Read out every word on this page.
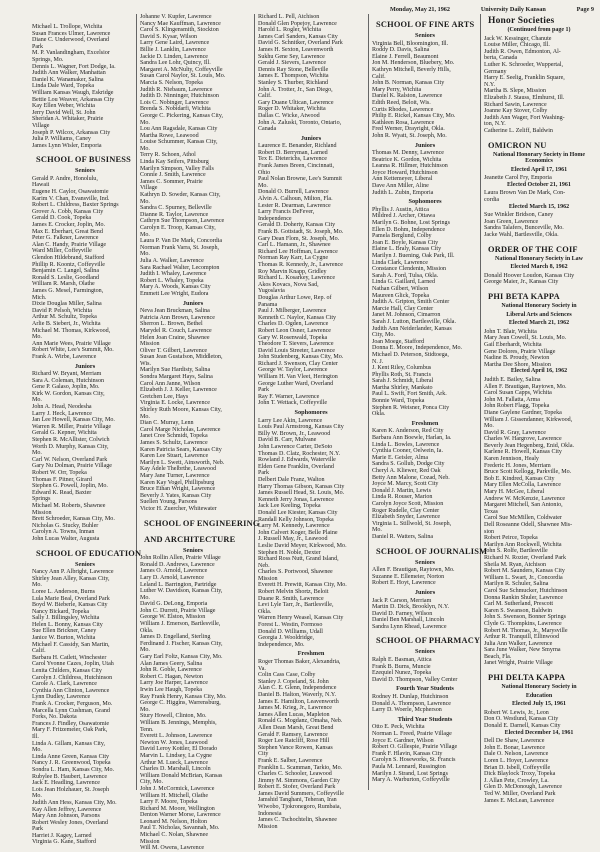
Monday, May 21, 1962	University Daily Kansan	Page 9
Michael L. Trollope, Wichita
Susan Frances Ulmer, Lawrence
Diane C. Underwood, Overland
Park
M. P. Vanlandingham, Excelsior
Springs, Mo.
Dennis L. Wagner, Fort Dodge, Ia.
Judith Ann Walker, Manhattan
Daniel K. Wanamaker, Salina
Linda Dale Ward, Topeka
William Kansas Waugh, Eskridge
Bettie Lou Weaver, Arkansas City
Kay Ellen Weber, Wichita
Jerry David Well, St. John
Sheridan A. Whitaker, Prairie
Village
Joseph P. Wilcox, Arkansas City
Julia P. Williams, Caney
James Lynn Wisler, Emporia
SCHOOL OF BUSINESS
Seniors
Gerald P. Andre, Honolulu,
Hawaii
Eugene H. Caylor, Osawatomie
Karim V. Chan, Evansville, Ind.
Robert L. Childress, Baxter Springs
Grover A. Cobb, Kansas City
Gerald D. Cook, Topeka
James E. Crocker, Joplin, Mo.
Max E. Eberhart, Great Bend
Peter G. Falkner, Lawrence
Alan C. Handy, Prairie Village
Ward Miller, Coffeyville
Glendon Hildebrand, Stafford
Phillip R. Koontz, Coffeyville
Benjamin C. Langel, Salina
Ronald S. Leslie, Goodland
William R. Marsh, Olathe
James G. Mesel, Farmington,
Mich.
Dixie Douglas Miller, Salina
David P. Pelsoh, Wichita
Arthur M. Schultz, Topeka
Arlie B. Siebert, Jr., Wichita
Michael M. Thomas, Kirkwood,
Mo.
Ann Marie Wees, Prairie Village
Robert White, Lee's Summit, Mo.
Frank A. Wirbe, Lawrence
Juniors
Richard W. Bryant, Merriam
Sara A. Coleman, Hutchinson
Gene P. Galaso, Joplin, Mo.
Kirk W. Gordon, Kansas City,
Mo.
John A. Head, Neodesha
Larry J. Heck, Lawrence
Jan Lee Howell, Kansas City, Mo.
Warren R. Miller, Prairie Village
Gerald G. Kepner, Wichita
Stephen R. McAllister, Colwich
Worth D. Murphy, Kansas City,
Mo.
Carl W. Nelson, Overland Park
Gary Nu Dolman, Prairie Village
Robert W. Orr, Topeka
Thomas F. Pitner, Girard
Stephen G. Powell, Joplin, Mo.
Edward K. Read, Baxter
Springs
Michael M. Roberts, Shawnee
Mission
Brett Schroeder, Kansas City, Mo.
Nicholas G. Stucky, Buhler
Carolyn A. Towns, Inman
John Lucas Walter, Augusta
SCHOOL OF EDUCATION
Seniors
Nancy Ann P. Albright, Lawrence
Shirley Jean Alley, Kansas City,
Mo.
Loree L. Anderson, Burns
Lula Marie Beal, Overland Park
Boyd W. Bieberle, Kansas City
Nancy Bickard, Topeka
Sally J. Billingsley, Wichita
Helen L. Bonny, Kansas City
Sue Ellen Brickner, Caney
Janice W. Burton, Wichita
Michael F. Cassidy, San Martin,
Calif.
Barbara H. Catlett, Winchester
Carol Yvonne Cazes, Joplin, Utah
Lenita Childers, Kansas City
Carolyn J. Childress, Hutchinson
Carole A. Clark, Lawrence
Cynthia Ann Clinton, Lawrence
Lynn Dudley, Lawrence
Frank A. Crocker, Ferguson, Mo.
Marcella Lynn Cushman, Grand
Forks, No. Dakota
Frances J. Findley, Osawatomie
Mary F. Fritzemeier, Oak Park,
Ill.
Linda A. Gillam, Kansas City,
Mo.
Linda Anne Green, Kansas City
Nancy J. R. Greenwood, Topeka
Sondra L. Ham, Kansas City, Mo.
Rubylee B. Haubert, Lawrence
Jack E. Headling, Lawrence
Lois Jean Holzhauer, St. Joseph
Mo.
Judith Ann Hess, Kansas City, Mo.
Kay Allen Jeffrey, Lawrence
Mary Ann Johnson, Parsons
Robert Wesley Jones, Overland
Park
Harriet J. Kagey, Larned
Virginia G. Kane, Stafford
Johanne V. Kupfer, Lawrence
Nancy Mae Kauffman, Lawrence
Carol S. Klingensmith, Stockton
David S. Kysar, Wilson
Larry Gene Laird, Lawrence
Billie J. Lanklin, Lawrence
Jackie D. Linden, Lawrence
Sandra Lee Lohr, Quincy, Ill.
Margaret A. McNulty, Coffeyville
Susan Carol Naylor, St. Louis, Mo.
Marcia S. Nelson, Topeka
Judith R. Niebaum, Lawrence
Judith D. Ninninger, Hutchinson
Lois C. Nobinger, Lawrence
Brenda S. Nobidarfi, Wichita
George C. Pickering, Kansas City,
Mo.
Lou Ann Ragsdale, Kansas City
Martha Rowe, Leawood
Louise Schummer, Kansas City,
Mo.
Terry R. Schoen, Athol
Linda Kay Seifers, Pittsburg
Marilyn Simpson, Valley Falls
Connie J. Smith, Lawrence
James C. Sommer, Prairie
Village
Kathryn D. Sowder, Kansas City,
Mo.
Sandra C. Spurney, Belleville
Dianne R. Taylor, Lawrence
Cathryn Sue Thompson, Lawrence
Carolyn E. Troop, Kansas City,
Mo.
Laura P. Van De Mark, Concordia
Norman Frank Varra, St. Joseph,
Mo.
Julia A. Walker, Lawrence
Sara Rachael Walter, Lecompton
Judith I. Whaley, Lawrence
Robert L. Whaley, Topeka
Mary A. Woods, Kansas City
Emmett Lee Wright, Eudora
Juniors
Neva Jean Bruckman, Salina
Patricia Ann Brown, Lawrence
Sherron L. Brown, Bethel
Marydel R. Couch, Lawrence
Helen Joan Craine, Shawnee
Mission
Oliver T. Gilbert, Lawrence
Susan Jean Gustafson, Middleton,
Wis.
Marilyn Sue Hardisty, Salina
Sondra Margaret Hays, Salina
Carol Ann Janne, Wilson
Elizabeth J. J. Keller, Lawrence
Gretchen Lee, Hays
Virginia E. Locke, Lawrence
Shirley Ruth Moore, Kansas City,
Mo.
Dian C. Murray, Lenn
Carol Marge Nicholas, Lawrence
Janet Cree Schmidt, Topeka
James S. Schultz, Lawrence
Karen Patricia Sears, Kansas City
Karen Lee Stuart, Lawrence
Marilyn L. Swett, Ainsworth, Neb.
Kay Adele Thelbrthe, Leawood
Mary Jane Turner, Lawrence
Karen Kay Vogel, Phillipsburg
Bruce Ethan Wright, Lawrence
Beverly J. Yates, Kansas City
Suellen Young, Parsons
Victor H. Zuercher, Whitewater
SCHOOL OF ENGINEERING
AND ARCHITECTURE
Seniors
John Rollin Allen, Prairie Village
Ronald D. Andrews, Lawrence
James O. Arnold, Lawrence
Lary D. Arnold, Lawrence
Leland L. Barrington, Partridge
Luther W. Davidson, Kansas City,
Mo.
David G. DeLong, Emporia
John C. Durrett, Prairie Village
George W. Elston, Mission
William J. Emerson, Bartlesville,
Okla.
James D. Engelland, Sterling
Ferdinand J. Fischer, Kansas City,
Mo.
Gary Earl Foltz, Kansas City, Mo.
Alan James Geery, Salina
John R. Goble, Lawrence
Robert C. Hagan, Newton
Larry Joe Harper, Lawrence
Irwin Lee Haugh, Topeka
Ray Frank Henry, Kansas City, Mo.
George C. Higgins, Warrensburg,
Mo.
Stury Howell, Clinton, Mo.
William B. Jennings, Memphis,
Tenn.
Everett L. Johnson, Lawrence
Newton W. Jones, Leawood
David Leroy Kottler, El Dorado
Marvin L. Lindsey, La Cygne
Arthur M. Lueck, Lawrence
Charles D. Marshall, Lincoln
William Donald McBrian, Kansas
City, Mo.
John J. McCormick, Lawrence
William H. Mitchell, Olathe
Larry F. Moore, Topeka
Richard M. Moore, Wellington
Denton Warner Morse, Lawrence
Leonard M. Nelson, Holton
Paul T. Nicholas, Savannah, Mo.
Michael C. Nolan, Shawnee
Mission
Will M. Owens, Lawrence
Richard L. Pell, Atchison
Donald Glen Popejoy, Lawrence
Harold L. Rogler, Wichita
James Carl Sanders, Kansas City
David G. Schnitker, Overland Park
James H. Sexton, Leavenworth
Sukhu Gene Sey, Lawrence
Gerald J. Sievers, Lawrence
Dennis Ray Stone, Belleville
James E. Thompson, Wichita
Stanley S. Thurber, Richland
John A. Trotter, Jr., San Diego,
Calif.
Gary Duane Ultican, Lawrence
Roger D. Whitaker, Wichita
Dallas C. Wicke, Atwood
John A. Zaluski, Toronto, Ontario,
Canada
Juniors
Laurence E. Benander, Richland
Robert D. Berryman, Larned
Tex E. Dieterichs, Lawrence
Frank James Breen, Cincinnati,
Ohio
Paul Nolan Browne, Lee's Summit
Mo.
Donald O. Burrell, Lawrence
Alvin A. Calhoun, Milton, Fla.
Lester R. Dearman, Lawrence
Larry Francis DeFever,
Independence
Gerald D. Doherty, Kansas City
Frank B. Gottstadt, St. Joseph, Mo.
Gary Dean Flom, St. Joseph, Mo.
Carl L. Hamann, Jr., Shawnee
Richard Lee Hoffman, Lawrence
Norman Ray Karr, La Cygne
Thomas R. Kennedy, Jr., Lawrence
Roy Marvin Knapp, Gridley
Richard L. Kosarkey, Lawrence
Akos Kovacs, Nova Sad,
Yugoslavia
Douglas Arthur Lowe, Rep. of
Panama
Paul J. Milberger, Lawrence
Kenneth C. Naylor, Kansas City
Charles D. Ogden, Lawrence
Robert Leon Osner, Lawrence
Gary W. Rosenwald, Topeka
Theodore T. Sievers, Lawrence
David Louis Streeter, Lawrence
John Studenberg, Kansas City, Mo.
Richard J. Swenson, Clay Center
George W. Taylor, Lawrence
William H. Van Vleet, Herington
George Luther Ward, Overland
Park
Ray F. Warner, Lawrence
John T. Wettack, Coffeyville
Sophomores
Larry Lee Akin, Lawrence
Louis Paul Armstrong, Kansas City
Billy W. Brown, Jr., Leawood
David B. Carr, Mulvane
John Lawrence Carter, DeSoto
Thomas D. Clatz, Rochester, N.Y.
Rowland J. Edwards, Waterville
Elden Gene Franklin, Overland
Park
Delbert Dale Franz, Walton
Harry Thomas Gibson, Kansas City
James Russell Head, St. Louis, Mo.
Kenneth Jerry Jonas, Lawrence
Jack Lee Keeling, Topeka
Donald Lee Kiester, Kansas City
Randall Kelly Johnson, Topeka
Larry M. Kennedy, Lawrence
John Calvert Koger, Belle Plaine
J. Russell May, Jr., Leawood
Leslie David Meyer, Kirkwood, Mo.
Stephen H. Noble, Dexter
Richard Ross Nutt, Grand Island,
Neb.
Charles S. Portwood, Shawnee
Mission
Everett H. Prewitt, Kansas City, Mo.
Robert Melvin Shortz, Beloit
Duane R. Smith, Lawrence
Levi Lyle Tarr, Jr., Bartlesville,
Okla.
Warren Henry Weasel, Kansas City
Forest L. Westin, Formoso
Donald D. Williams, Udall
Georgia J. Wooldridge,
Independence, Mo.
Freshmen
Roger Thomas Baker, Alexandria,
Va.
Colin Cass Case, Colby
Stanley J. Copeland, St. John
Alan C. E. Glenn, Independence
Daniel B. Halton, Waverly, N.Y.
James E. Hamilton, Leavenworth
James M. Krieg, Jr., Lawrence
James Allen Lucas, Mapleton
Ronald G. Mogdanz, Omaha, Neb.
Allen Dean Marsh, Great Bend
Gerald F. Ramsey, Lawrence
Roger Lee Ratcliff, Rose Hill
Stephen Vance Rowen, Kansas
City
Frank E. Salber, Lawrence
Franklin L. Scamman, Tarkio, Mo.
Charles C. Schooler, Leawood
Jimmy M. Simmons, Garden City
Robert E. Stofer, Overland Park
James David Summers, Coffeyville
Jamshid Tanghani, Teheran, Iran
Wiwobo, Tjokronegoro, Rumbaia,
Indonesia
James C. Tschochtelin, Shawnee
Mission
SCHOOL OF FINE ARTS
Seniors
Virginia Bell, Bloomington, Ill.
Roddy D. Davis, Salina
Elaine J. Ferrell, Beaumont
Jon M. Henderson, Bluebery, Mo.
Kathryn Mitchell, Beverly Hills,
Calif.
John B. Norman, Kansas City
Mary Perry, Wichita
Daniel K. Ralston, Lawrence
Edith Reed, Beloit, Wis.
Curtis Rhodes, Lawrence
Philip E. Rickel, Kansas City, Mo.
Kathleen Rosa, Lawrence
Fred Werner, Drayright, Okla.
John R. Wyatt, St. Joseph, Mo.
Juniors
Thomas M. Denny, Lawrence
Beatrice K. Gordon, Wichita
Leanna R. Hillmer, Hutchinson
Joyce Howard, Hutchinson
Ann Kettemeyer, Liberal
Dave Ann Miller, Aline
Judith L. Zubin, Emporia
Sophomores
Phyllis J. Austin, Attica
Mildred J. Archer, Ottawa
Marilyn G. Bohne, Lost Springs
Ellen D. Bohm, Independence
Pamela Berglund, Colby
Joan E. Boyle, Kansas City
Elaine L. Braly, Kansas City
Marilyn J. Buening, Oak Park, Ill.
Linda Clark, Lawrence
Constance Clendenin, Mission
Sarah A. Ford, Tulsa, Okla.
Linda G. Gaillard, Larned
Nathan Gilbert, Wilson
Maureen Glick, Topeka
Judith A. Gripton, Smith Center
Marcie Hall, Clay Center
Janet M. Johnson, Cimarron
Sarah J. Lutton, Bartlesville, Okla.
Judith Ann Neiderlander, Kansas
City, Mo.
Joan Moege, Stafford
Donna E. Moore, Independence, Mo.
Michael D. Peterson, Stidtoega,
N. J.
J. Kent Riley, Columbus
Phyllis Roth, St. Francis
Sarah J. Schmidt, Liberal
Martha Shirley, Mankato
Paul L. Swift, Fort Smith, Ark.
Bonnie Ward, Topeka
Stephen R. Weisner, Ponca City
Okla.
Freshmen
Karen K. Anderson, Red City
Barbara Ann Boewle, Harlan, Ia.
Linda L. Bowles, Lawrence
Cynthia Cooner, Oelwein, Ia.
Marie E. Geisler, Alma
Sandra S. Gollub, Dodge City
Cheryl A. Kliewer, Red Oak
Betty Ann Malone, Cozad, Neb.
Joyce M. Marcy, Scott City
Donald J. Martin, Lewis
Linda R. Rouser, Marion
Carolyn Joyce Scott, Mission
Roger Rudelle, Clay Center
Elizabeth Snyder, Lawrence
Virginia L. Stillwold, St. Joseph,
Mo.
Daniel R. Watters, Salina
SCHOOL OF JOURNALISM
Seniors
Allen F. Brautigan, Raytown, Mo.
Suzanne E. Ellemeier, Norton
Robert E. Hoyt, Lawrence
Juniors
Jack P. Carson, Merriam
Martin D. Dick, Brooklyn, N.Y.
David D. Farney, Wilson
Daniel Ben Marshall, Lincoln
Sandra Lynn Rhead, Lawrence
SCHOOL OF PHARMACY
Seniors
Ralph E. Basman, Attica
Frank B. Burns, Muncie
Ezequiel Nunez, Topeka
David D. Thompson, Valley Center
Fourth Year Students
Rodney H. Dunlap, Hutchinson
Donald A. Thompson, Lawrence
Larry D. Woerle, Mcpherson
Third Year Students
Otto E. Peck, Wichita
Norman L. Freed, Prairie Village
Joyce E. Gardner, Wilson
Robert O. Gillespie, Prairie Village
Frank F. Hlavin, Kansas City
Carolyn S. Hoseworks, St. Francis
Paula M. Lennard, Russington
Marilyn J. Strand, Lost Springs
Mary A. Warburton, Coffeyville
Honor Societies
(Continued from page 1)
Jack W. Kessinger, Chanute
Louise Miller, Chicago, Ill.
Judith R. Owen, Edmonton, Al-
berta, Canada
Luther K. Schroeder, Wuppertal,
Germany
Harry E. Seelig, Franklin Square,
N.Y.
Martha B. Slepe, Mission
Elizabeth J. Stauss, Elmhurst, Ill.
Richard Sawin, Lawrence
Joanne Kay Stover, Colby
Judith Ann Wager, Fort Washing-
ton, N.Y.
Catherine L. Zeliff, Baldwin
OMICRON NU
National Honorary Society in Home Economics
Elected April 17, 1961
Jeanette Carol Fry, Emporia
Elected October 21, 1961
Laura Brown Van De Mark, Con-
cordia
Elected March 15, 1962
Sue Winkler Bridson, Caney
Joan Green, Lawrence
Sandra Talafers, Bunceville, Mo.
Jacke Wahl, Bartlesville, Okla.
ORDER OF THE COIF
National Honorary Society in Law
Elected March 8, 1962
Donald Hoover Loudon, Kansas City
George Maier, Jr., Kansas City
PHI BETA KAPPA
National Honorary Society in
Liberal Arts and Sciences
Elected March 21, 1962
John T. Blair, Wichita
Mary Jean Cowell, St. Louis, Mo.
Gail Eberhardt, Wichita
Gene Dolores, Prairie Village
Nadine B. Proudy, Newton
Martha Dee Shore, Mission
Elected April 16, 1962
Judith E. Bailey, Salina
Allen F. Brautigan, Raytown, Mo.
Carol Susan Capps, Wichita
John M. Fallatta, Arma
John Robert Flagg, Topeka
Diane Gaylene Gardner, Topeka
William J. Gissendanner, Kirkwood,
Mo.
David R. Gray, Lawrence
Charles W. Hargrove, Lawrence
Beverly Jean Hegenberg, Enid, Okla.
Karlene R. Howell, Kansas City
Karen Jennison, Healy
Frederic H. Jones, Merriam
Bruce Scott Kellogg, Parkville, Mo.
Bob E. Kindred, Kansas City
Mary Ellen McColla, Lawrence
Mary H. McGee, Liberal
Andrew W. McKenzie, Lawrence
Margaret Mitchell, San Antonio,
Texas
Carol Sue McMillen, Coldwater
Dell Roseanne Odell, Shawnee Mis-
sion
Robert Peirce, Topeka
Marilyn Ann Rockwell, Wichita
John S. Rolfe, Bartlesville
Richard N. Rozier, Overland Park
Sheila M. Ryan, Atchison
Robert M. Saunders, Kansas City
William L. Swart, Jr., Concordia
Marilyn R. Schuler, Salina
Carol Sue Schmucker, Hutchinson
Donna Rankin Shuler, Lawrence
Carl M. Sutherland, Prescott
Karen S. Swanson, Baldwin
John S. Swenson, Bonner Springs
Clyde G. Thompkins, Lawrence
Robert M. Thomas, Jr., Marysville
Arthur R. Tranquill, Ellinwood
Julia Ann Walker, Lawrence
Sara June Walker, New Smyrna
Beach, Fla.
Janet Wright, Prairie Village
PHI DELTA KAPPA
National Honorary Society in
Education
Elected July 15, 1961
Robert W. Lewis, Jr., Leon
Don O. Westlund, Kansas City
Donald E. Darnell, Kansas City
Elected December 14, 1961
Dell De Shaw, Lawrence
John E. Bonar, Lawrence
Dale O. Nelson, Lawrence
Loren L. Hoyer, Lawrence
Brian D. Isbell, Coffeyville
Dick Blaylock Troxy, Topeka
J. Allan Pete, Crowley, La.
Glen D. McDonough, Lawrence
Ted W. Miller, Overland Park
James E. McLean, Lawrence
